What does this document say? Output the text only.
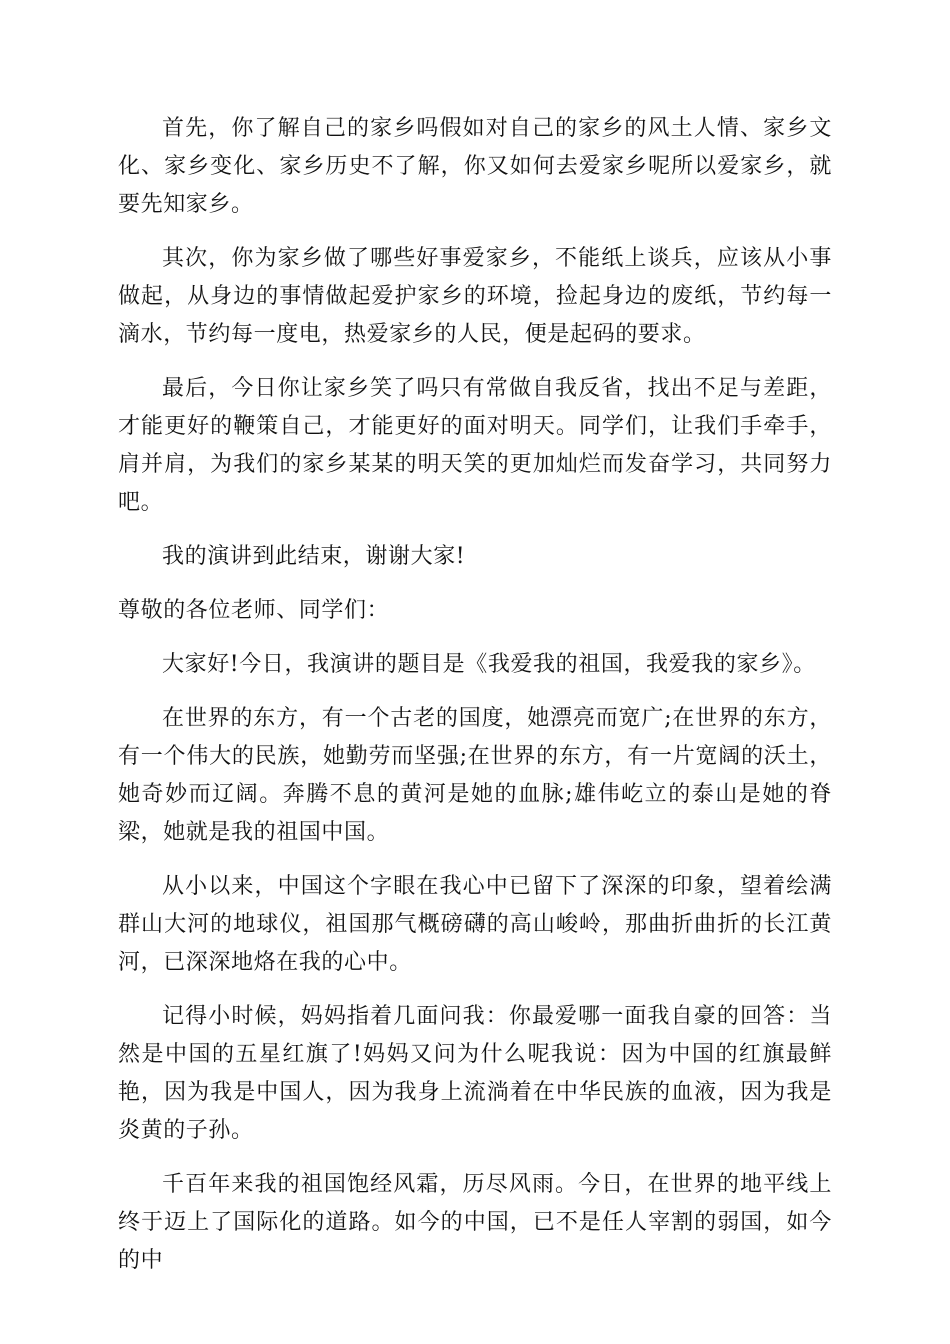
首先，你了解自己的家乡吗假如对自己的家乡的风土人情、家乡文化、家乡变化、家乡历史不了解，你又如何去爱家乡呢所以爱家乡，就要先知家乡。

其次，你为家乡做了哪些好事爱家乡，不能纸上谈兵，应该从小事做起，从身边的事情做起爱护家乡的环境，捡起身边的废纸，节约每一滴水，节约每一度电，热爱家乡的人民，便是起码的要求。

最后，今日你让家乡笑了吗只有常做自我反省，找出不足与差距，才能更好的鞭策自己，才能更好的面对明天。同学们，让我们手牵手，肩并肩，为我们的家乡某某的明天笑的更加灿烂而发奋学习，共同努力吧。

我的演讲到此结束，谢谢大家!

尊敬的各位老师、同学们：

大家好!今日，我演讲的题目是《我爱我的祖国，我爱我的家乡》。

在世界的东方，有一个古老的国度，她漂亮而宽广;在世界的东方，有一个伟大的民族，她勤劳而坚强;在世界的东方，有一片宽阔的沃土，她奇妙而辽阔。奔腾不息的黄河是她的血脉;雄伟屹立的泰山是她的脊梁，她就是我的祖国中国。

从小以来，中国这个字眼在我心中已留下了深深的印象，望着绘满群山大河的地球仪，祖国那气概磅礴的高山峻岭，那曲折曲折的长江黄河，已深深地烙在我的心中。

记得小时候，妈妈指着几面问我：你最爱哪一面我自豪的回答：当然是中国的五星红旗了!妈妈又问为什么呢我说：因为中国的红旗最鲜艳，因为我是中国人，因为我身上流淌着在中华民族的血液，因为我是炎黄的子孙。

千百年来我的祖国饱经风霜，历尽风雨。今日，在世界的地平线上终于迈上了国际化的道路。如今的中国，已不是任人宰割的弱国，如今的中
